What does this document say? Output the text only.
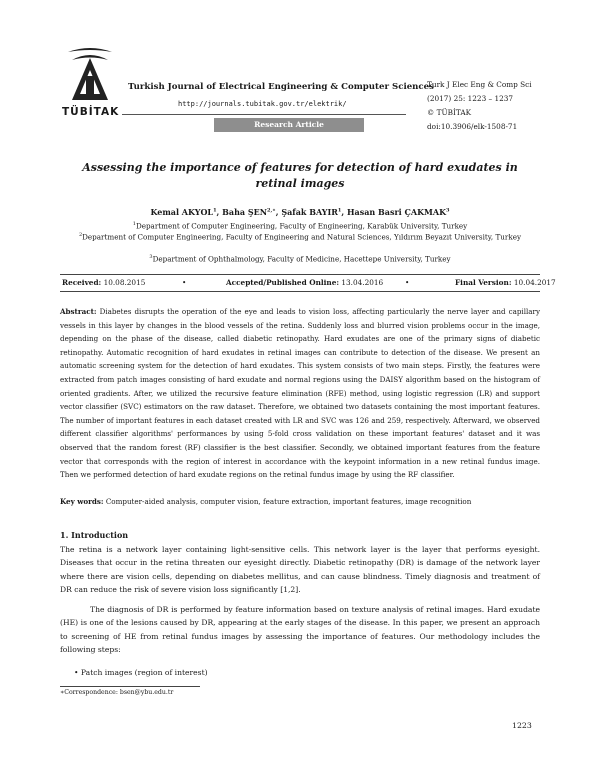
TÜBİTAK
Turkish Journal of Electrical Engineering & Computer Sciences
http://journals.tubitak.gov.tr/elektrik/
Research Article
Turk J Elec Eng & Comp Sci
(2017) 25: 1223 – 1237
© TÜBİTAK
doi:10.3906/elk-1508-71
Assessing the importance of features for detection of hard exudates in retinal images
Kemal AKYOL$^1$, Baha $ŞEN^{2,∗}$, Şafak BAYIR$^1$, Hasan Basri ÇAKMAK$^3$
$^1$Department of Computer Engineering, Faculty of Engineering, Karabük University, Turkey
$^2$Department of Computer Engineering, Faculty of Engineering and Natural Sciences, Yıldırım Beyazıt University, Turkey
$^3$Department of Ophthalmology, Faculty of Medicine, Hacettepe University, Turkey
Received: 10.08.2015	•	Accepted/Published Online: 13.04.2016	•	Final Version: 10.04.2017
Abstract: Diabetes disrupts the operation of the eye and leads to vision loss, affecting particularly the nerve layer and capillary vessels in this layer by changes in the blood vessels of the retina. Suddenly loss and blurred vision problems occur in the image, depending on the phase of the disease, called diabetic retinopathy. Hard exudates are one of the primary signs of diabetic retinopathy. Automatic recognition of hard exudates in retinal images can contribute to detection of the disease. We present an automatic screening system for the detection of hard exudates. This system consists of two main steps. Firstly, the features were extracted from patch images consisting of hard exudate and normal regions using the DAISY algorithm based on the histogram of oriented gradients. After, we utilized the recursive feature elimination (RFE) method, using logistic regression (LR) and support vector classifier (SVC) estimators on the raw dataset. Therefore, we obtained two datasets containing the most important features. The number of important features in each dataset created with LR and SVC was 126 and 259, respectively. Afterward, we observed different classifier algorithms' performances by using 5-fold cross validation on these important features' dataset and it was observed that the random forest (RF) classifier is the best classifier. Secondly, we obtained important features from the feature vector that corresponds with the region of interest in accordance with the keypoint information in a new retinal fundus image. Then we performed detection of hard exudate regions on the retinal fundus image by using the RF classifier.
Key words: Computer-aided analysis, computer vision, feature extraction, important features, image recognition
1. Introduction
The retina is a network layer containing light-sensitive cells. This network layer is the layer that performs eyesight. Diseases that occur in the retina threaten our eyesight directly. Diabetic retinopathy (DR) is damage of the network layer where there are vision cells, depending on diabetes mellitus, and can cause blindness. Timely diagnosis and treatment of DR can reduce the risk of severe vision loss significantly [1,2].
The diagnosis of DR is performed by feature information based on texture analysis of retinal images. Hard exudate (HE) is one of the lesions caused by DR, appearing at the early stages of the disease. In this paper, we present an approach to screening of HE from retinal fundus images by assessing the importance of features. Our methodology includes the following steps:
• Patch images (region of interest)
∗Correspondence: bsen@ybu.edu.tr
1223
